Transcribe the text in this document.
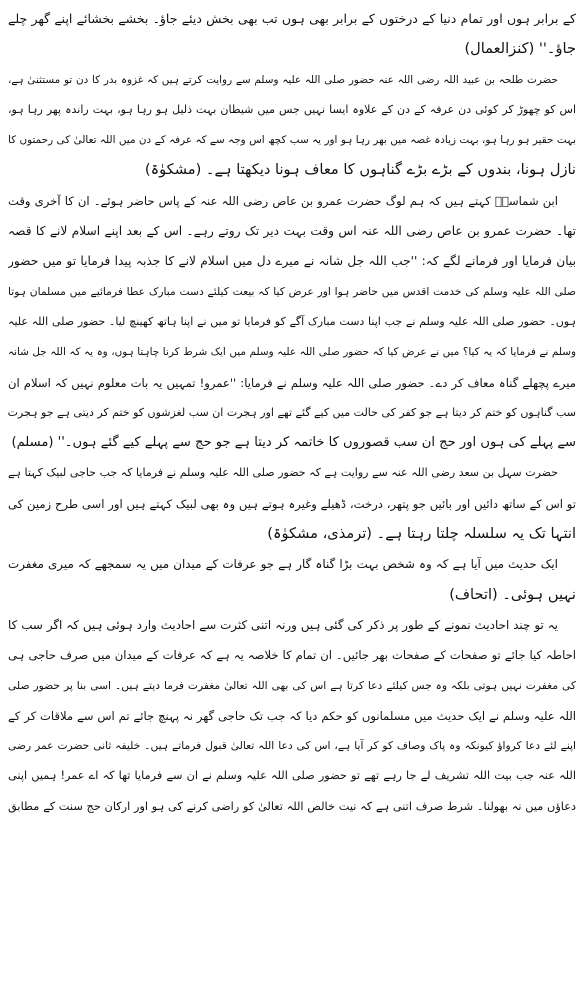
کے برابر ہوں اور تمام دنیا کے درختوں کے برابر بھی ہوں تب بھی بخش دیئے جاؤ۔ بخشے بخشائے اپنے گھر چلے
جاؤ۔'' (کنزالعمال)
حضرت طلحہ بن عبید اللہ رضی اللہ عنہ حضور صلی اللہ علیہ وسلم سے روایت کرتے ہیں کہ غزوہ بدر کا دن تو مستثنیٰ ہے،
اس کو چھوڑ کر کوئی دن عرفہ کے دن کے علاوہ ایسا نہیں جس میں شیطان بہت ذلیل ہو رہا ہو، بہت راندہ پھر رہا ہو،
بہت حقیر ہو رہا ہو، بہت زیادہ غصہ میں بھر رہا ہو اور یہ سب کچھ اس وجہ سے کہ عرفہ کے دن میں اللہ تعالیٰ کی رحمتوں کا
نازل ہونا، بندوں کے بڑے بڑے گناہوں کا معاف ہونا دیکھتا ہے۔ (مشکوٰۃ)
ابن شماسہؒ کہتے ہیں کہ ہم لوگ حضرت عمرو بن عاص رضی اللہ عنہ کے پاس حاضر ہوئے۔ ان کا آخری وقت
تھا۔ حضرت عمرو بن عاص رضی اللہ عنہ اس وقت بہت دیر تک روتے رہے۔ اس کے بعد اپنے اسلام لانے کا قصہ
بیان فرمایا اور فرمانے لگے کہ: ''جب اللہ جل شانہ نے میرے دل میں اسلام لانے کا جذبہ پیدا فرمایا تو میں حضور
صلی اللہ علیہ وسلم کی خدمت اقدس میں حاضر ہوا اور عرض کیا کہ بیعت کیلئے دست مبارک عطا فرمائیے میں مسلمان ہوتا
ہوں۔ حضور صلی اللہ علیہ وسلم نے جب اپنا دست مبارک آگے کو فرمایا تو میں نے اپنا ہاتھ کھینچ لیا۔ حضور صلی اللہ علیہ
وسلم نے فرمایا کہ یہ کیا؟ میں نے عرض کیا کہ حضور صلی اللہ علیہ وسلم میں ایک شرط کرنا چاہتا ہوں، وہ یہ کہ اللہ جل شانہ
میرے پچھلے گناہ معاف کر دے۔ حضور صلی اللہ علیہ وسلم نے فرمایا: ''عمرو! تمہیں یہ بات معلوم نہیں کہ اسلام ان
سب گناہوں کو ختم کر دیتا ہے جو کفر کی حالت میں کیے گئے تھے اور ہجرت ان سب لغزشوں کو ختم کر دیتی ہے جو ہجرت
سے پہلے کی ہوں اور حج ان سب قصوروں کا خاتمہ کر دیتا ہے جو حج سے پہلے کیے گئے ہوں۔'' (مسلم)
حضرت سہل بن سعد رضی اللہ عنہ سے روایت ہے کہ حضور صلی اللہ علیہ وسلم نے فرمایا کہ جب حاجی لبیک کہتا ہے
تو اس کے ساتھ دائیں اور بائیں جو پتھر، درخت، ڈھیلے وغیرہ ہوتے ہیں وہ بھی لبیک کہتے ہیں اور اسی طرح زمین کی
انتہا تک یہ سلسلہ چلتا رہتا ہے۔ (ترمذی، مشکوٰۃ)
ایک حدیث میں آیا ہے کہ وہ شخص بہت بڑا گناہ گار ہے جو عرفات کے میدان میں یہ سمجھے کہ میری مغفرت
نہیں ہوئی۔ (اتحاف)
یہ تو چند احادیث نمونے کے طور پر ذکر کی گئی ہیں ورنہ اتنی کثرت سے احادیث وارد ہوئی ہیں کہ اگر سب کا
احاطہ کیا جائے تو صفحات کے صفحات بھر جائیں۔ ان تمام کا خلاصہ یہ ہے کہ عرفات کے میدان میں صرف حاجی ہی
کی مغفرت نہیں ہوتی بلکہ وہ جس کیلئے دعا کرتا ہے اس کی بھی اللہ تعالیٰ مغفرت فرما دیتے ہیں۔ اسی بنا پر حضور صلی
اللہ علیہ وسلم نے ایک حدیث میں مسلمانوں کو حکم دیا کہ جب تک حاجی گھر نہ پہنچ جائے تم اس سے ملاقات کر کے
اپنے لئے دعا کرواؤ کیونکہ وہ پاک وصاف کو کر آیا ہے، اس کی دعا اللہ تعالیٰ قبول فرماتے ہیں۔ خلیفہ ثانی حضرت عمر رضی
اللہ عنہ جب بیت اللہ تشریف لے جا رہے تھے تو حضور صلی اللہ علیہ وسلم نے ان سے فرمایا تھا کہ اے عمر! ہمیں اپنی
دعاؤں میں نہ بھولنا۔ شرط صرف اتنی ہے کہ نیت خالص اللہ تعالیٰ کو راضی کرنے کی ہو اور ارکان حج سنت کے مطابق
